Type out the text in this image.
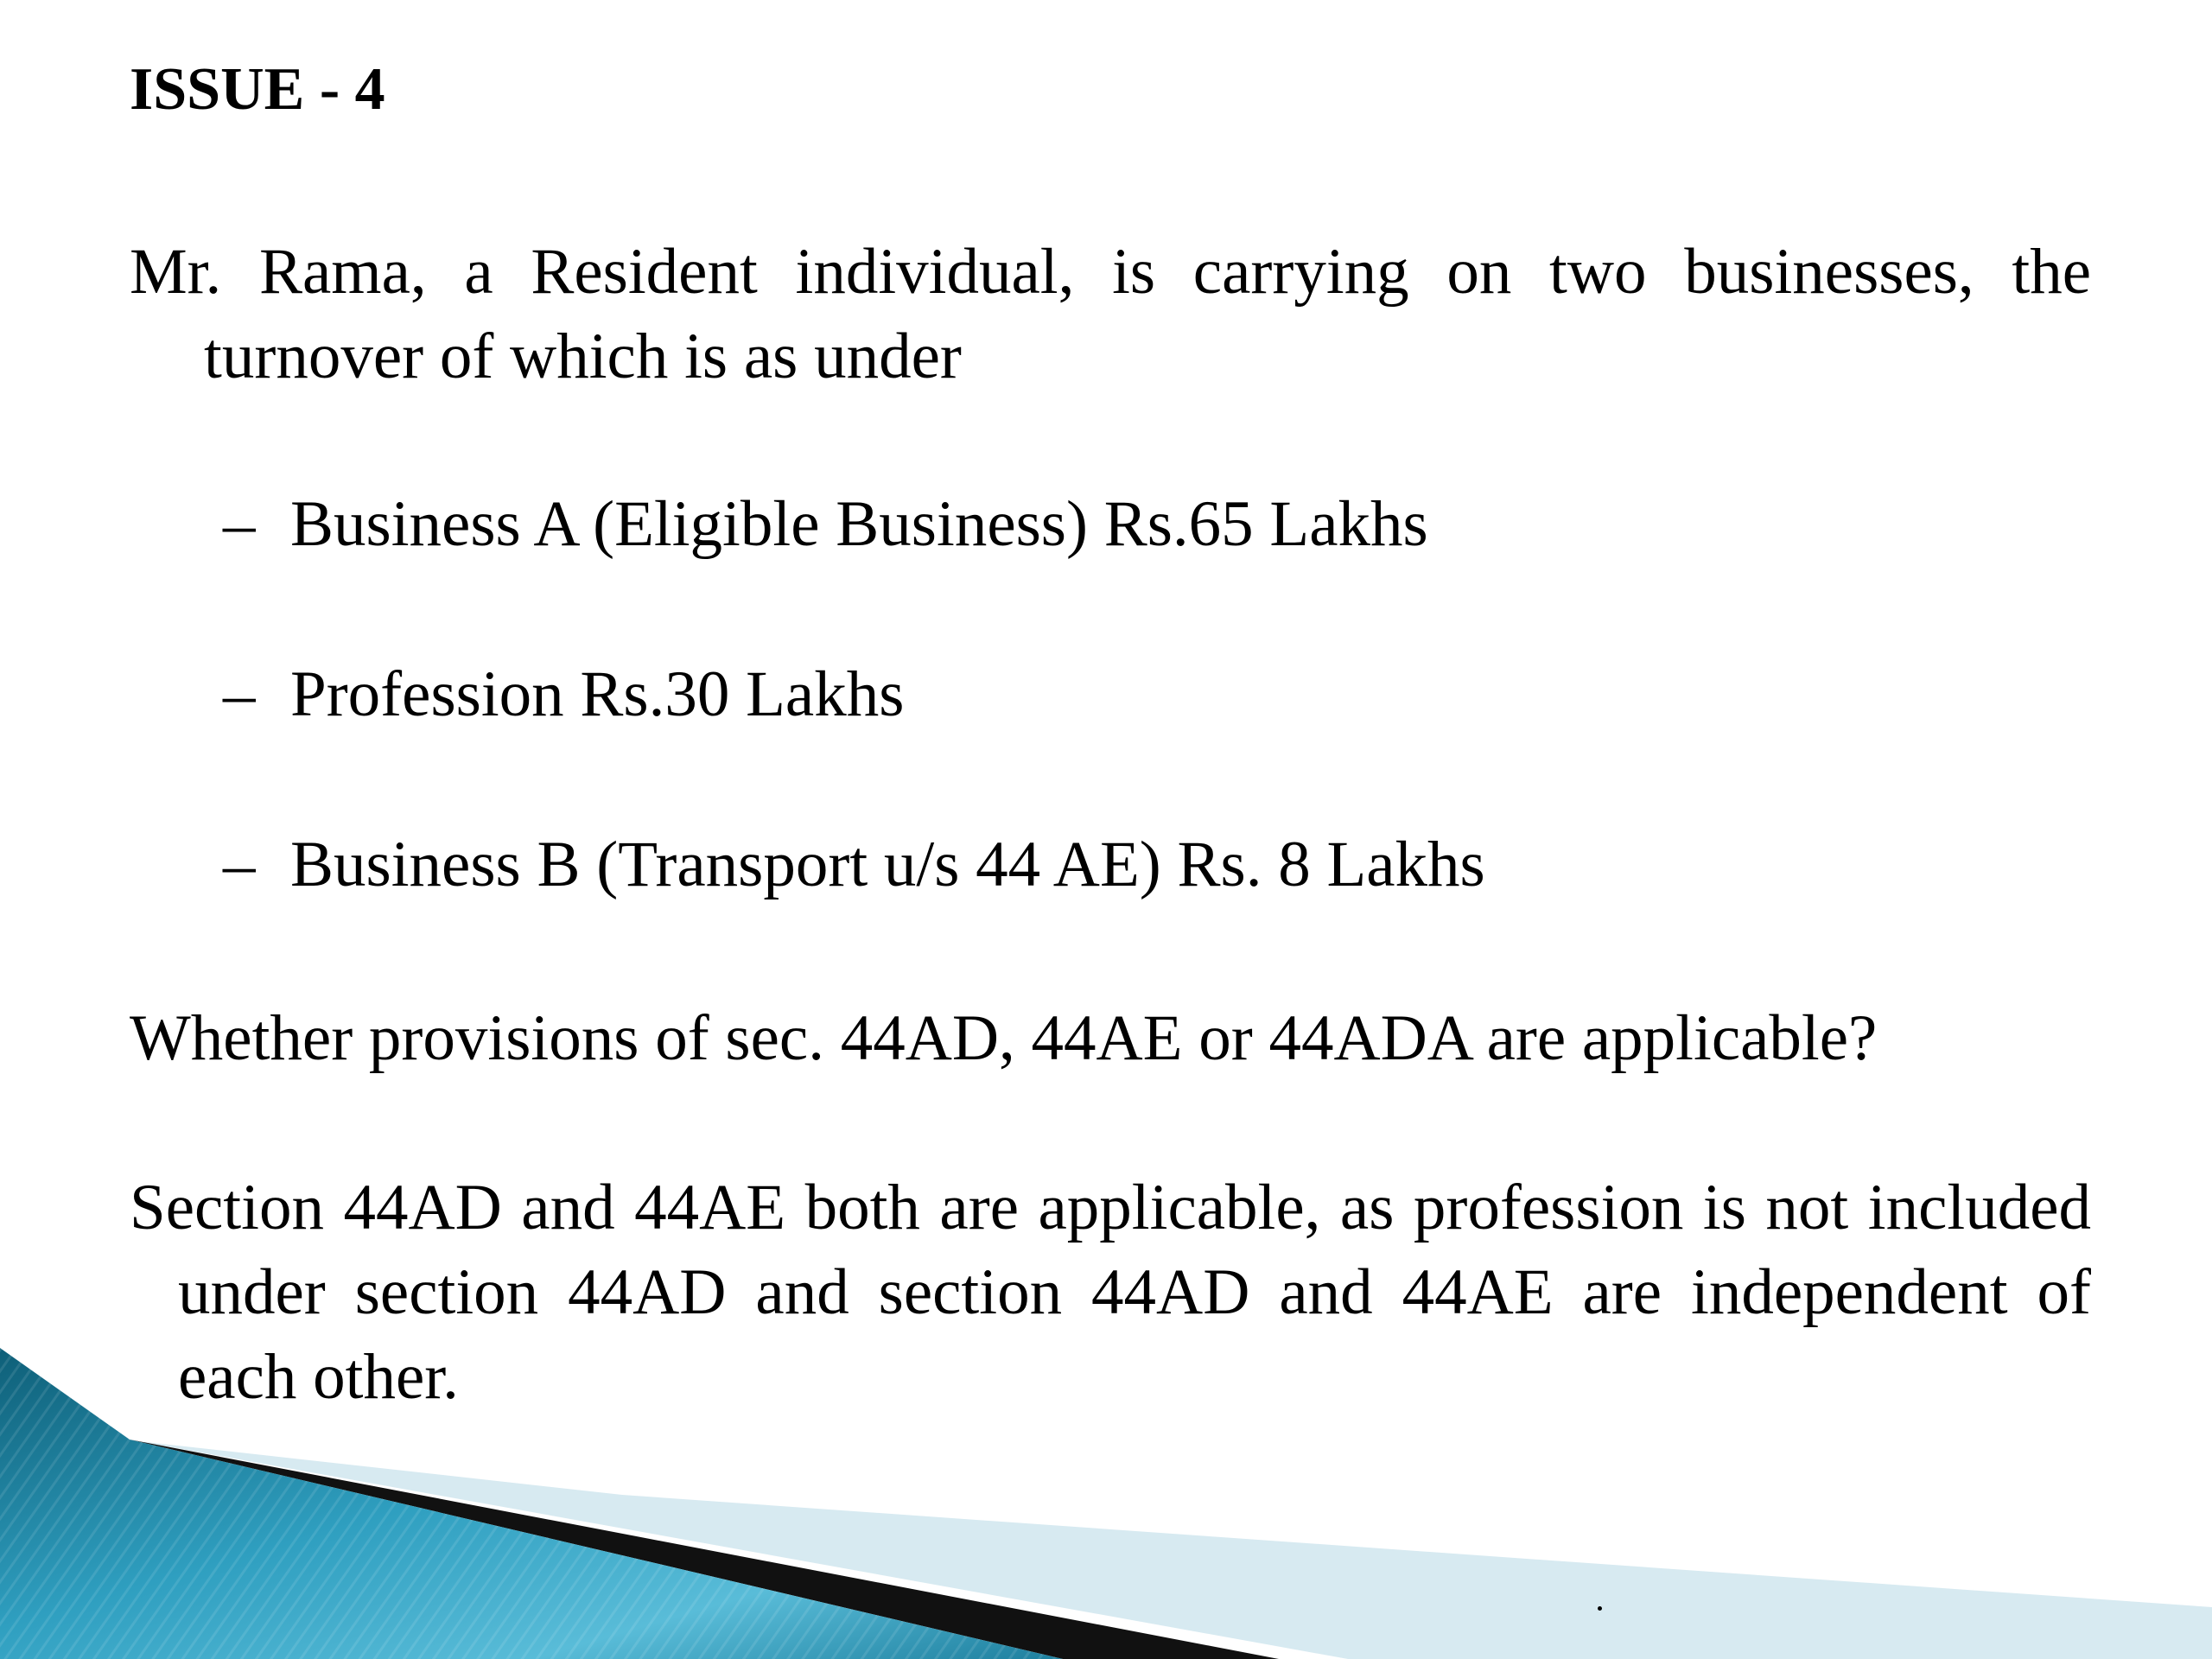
ISSUE - 4
Mr. Rama, a Resident individual, is carrying on two businesses, the turnover of which is as under
– Business A (Eligible Business) Rs.65 Lakhs
– Profession Rs.30 Lakhs
– Business B (Transport u/s 44 AE) Rs. 8 Lakhs
Whether provisions of sec. 44AD, 44AE or 44ADA are applicable?
Section 44AD and 44AE both are applicable, as profession is not included under section 44AD and section 44AD and 44AE are independent of each other.
